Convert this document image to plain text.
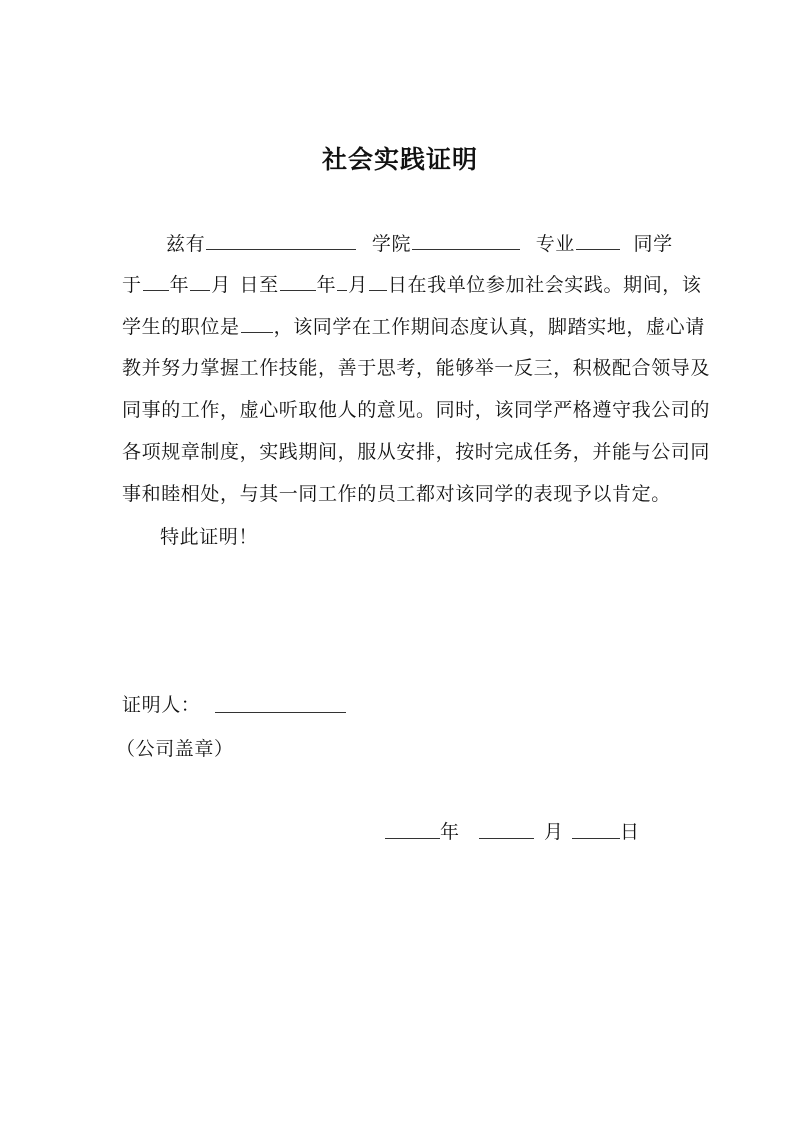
社会实践证明
兹有	学院	专业	同学
于 年 月 日至 年 月 日在我单位参加社会实践。期间，该
学生的职位是 ，该同学在工作期间态度认真，脚踏实地，虚心请
教并努力掌握工作技能，善于思考，能够举一反三，积极配合领导及
同事的工作，虚心听取他人的意见。同时，该同学严格遵守我公司的
各项规章制度，实践期间，服从安排，按时完成任务，并能与公司同
事和睦相处，与其一同工作的员工都对该同学的表现予以肯定。
特此证明！
证明人：
（公司盖章）
年	月	日
